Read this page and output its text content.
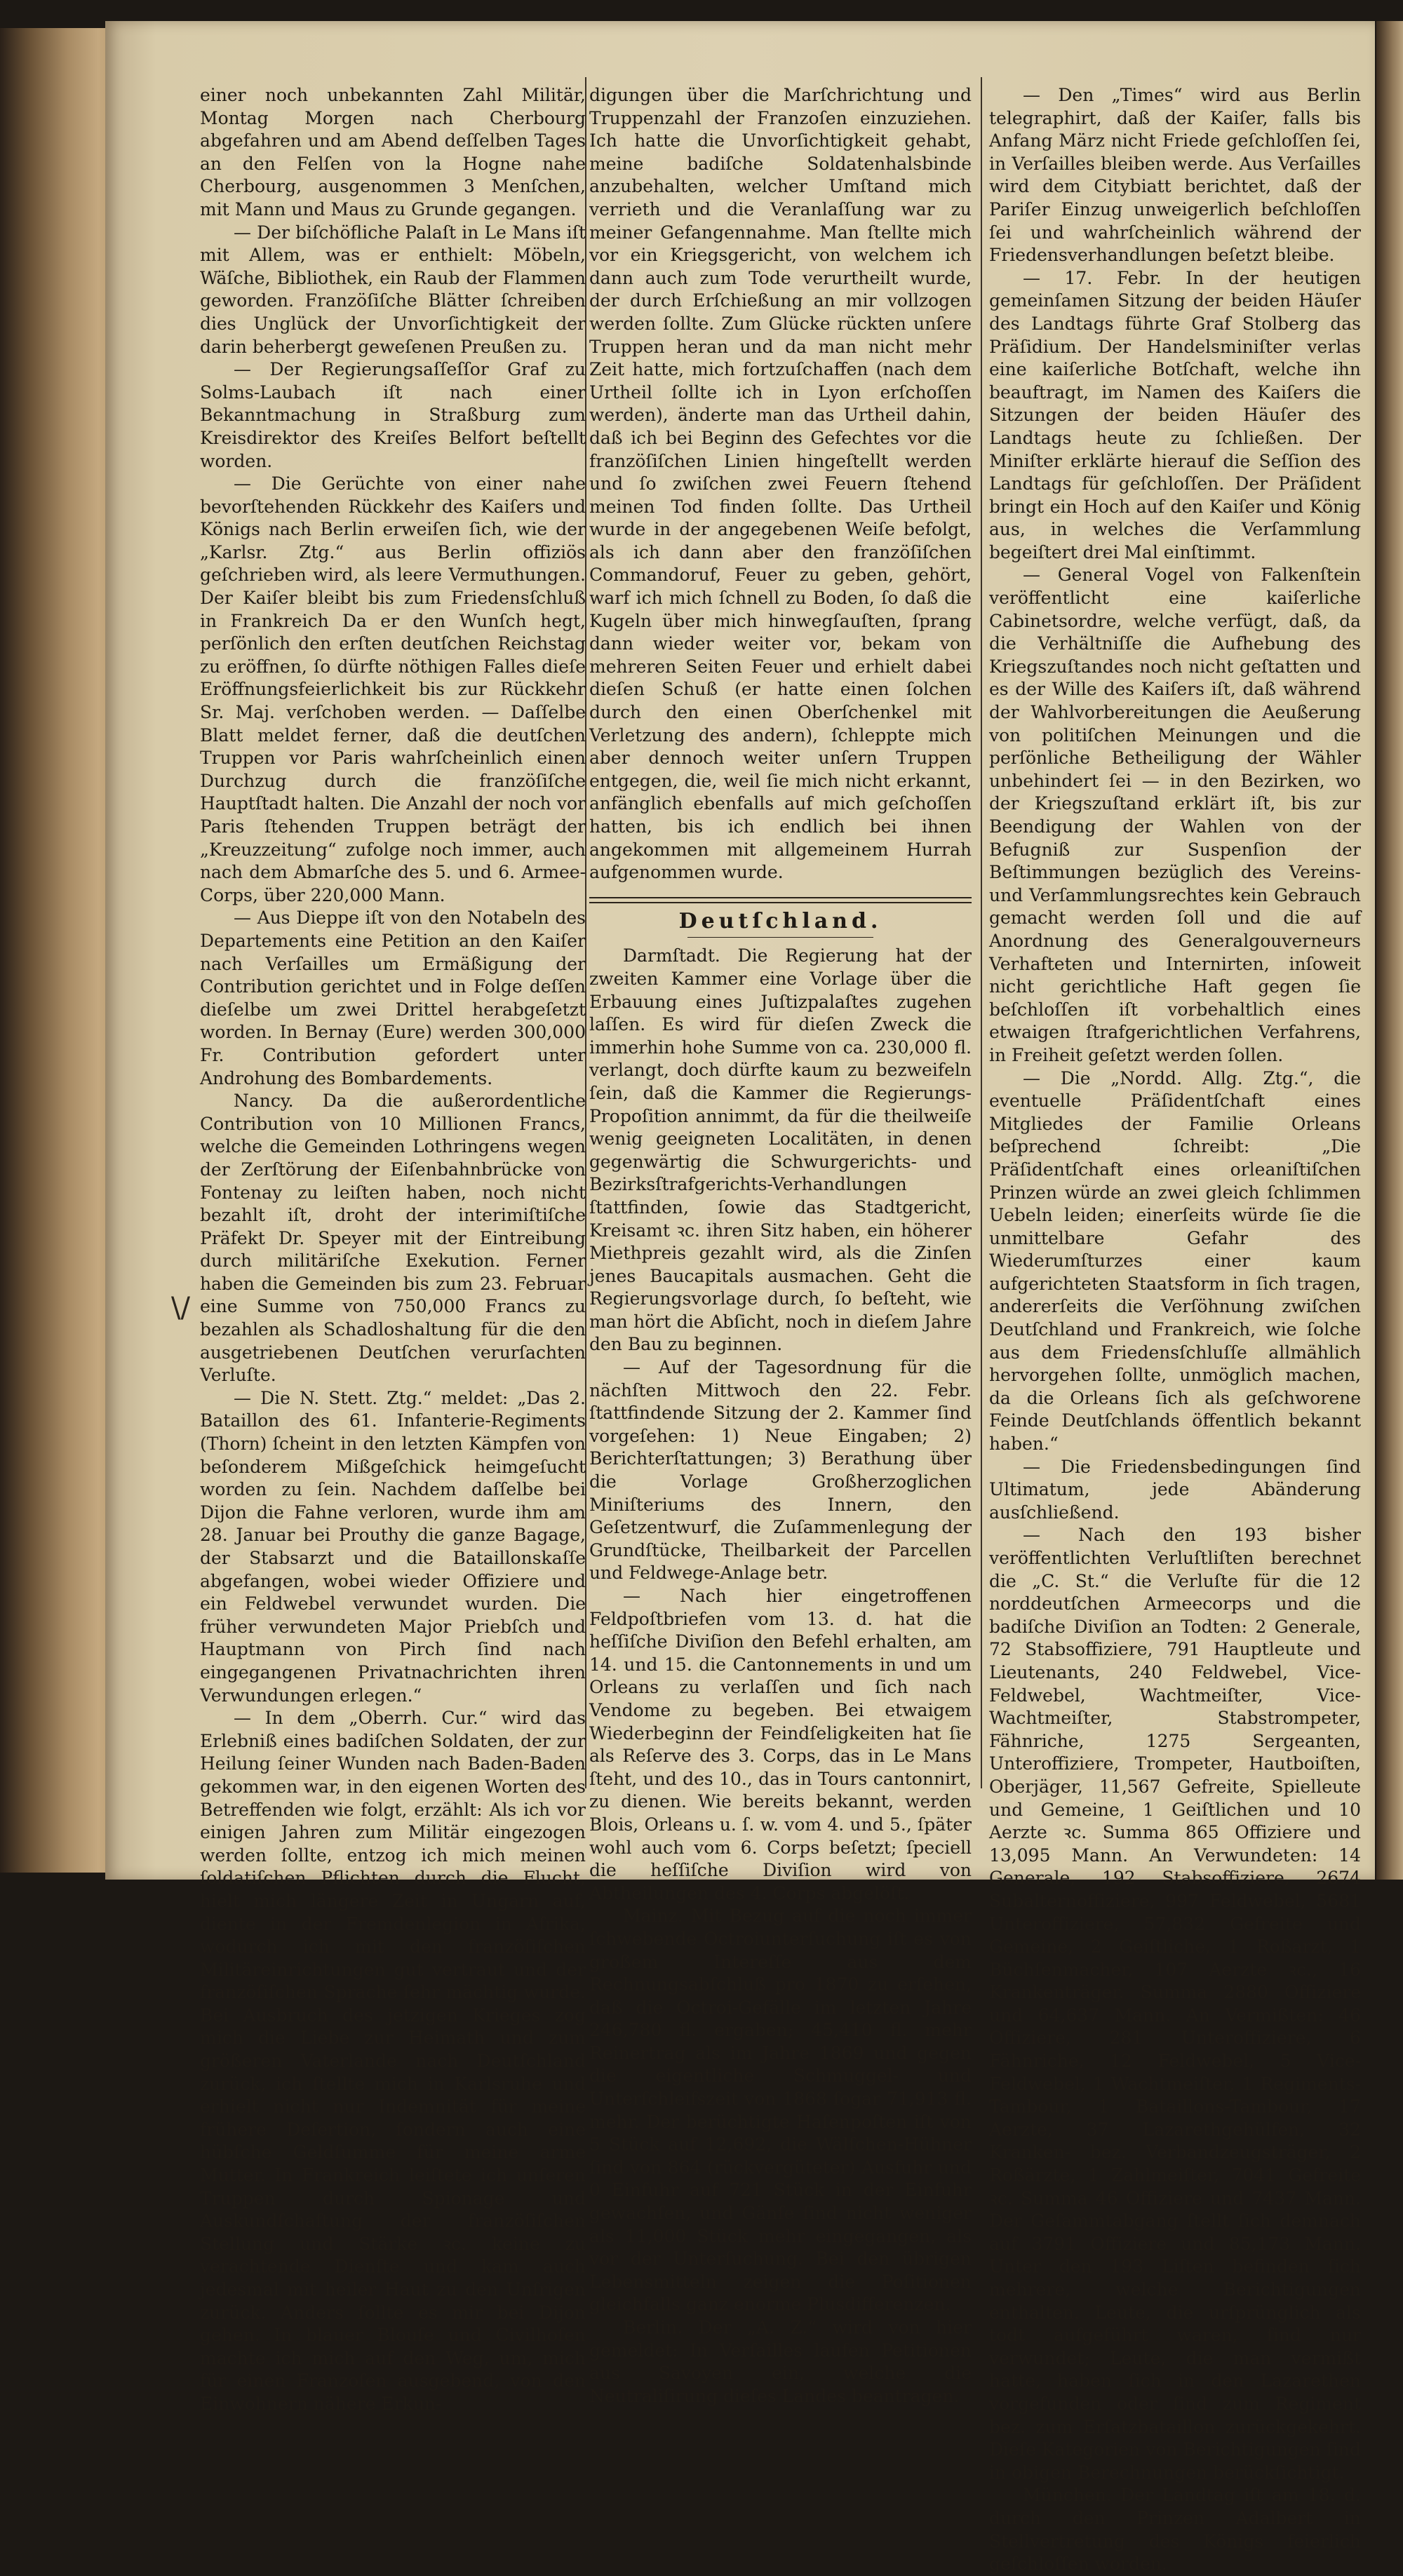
\/

einer noch unbekannten Zahl Militär, Montag Morgen nach Cherbourg abgefahren und am Abend deſſelben Tages an den Felſen von la Hogne nahe Cherbourg, ausgenommen 3 Menſchen, mit Mann und Maus zu Grunde gegangen.

— Der biſchöfliche Palaſt in Le Mans iſt mit Allem, was er enthielt: Möbeln, Wäſche, Bibliothek, ein Raub der Flammen geworden. Franzöſiſche Blätter ſchreiben dies Unglück der Unvorſichtigkeit der darin beherbergt geweſenen Preußen zu.

— Der Regierungsaſſeſſor Graf zu Solms-Laubach iſt nach einer Bekanntmachung in Straßburg zum Kreisdirektor des Kreiſes Belfort beſtellt worden.

— Die Gerüchte von einer nahe bevorſtehenden Rückkehr des Kaiſers und Königs nach Berlin erweiſen ſich, wie der „Karlsr. Ztg.“ aus Berlin offiziös geſchrieben wird, als leere Vermuthungen. Der Kaiſer bleibt bis zum Friedensſchluß in Frankreich Da er den Wunſch hegt, perſönlich den erſten deutſchen Reichstag zu eröffnen, ſo dürfte nöthigen Falles dieſe Eröffnungsfeierlichkeit bis zur Rückkehr Sr. Maj. verſchoben werden. — Daſſelbe Blatt meldet ferner, daß die deutſchen Truppen vor Paris wahrſcheinlich einen Durchzug durch die franzöſiſche Hauptſtadt halten. Die Anzahl der noch vor Paris ſtehenden Truppen beträgt der „Kreuzzeitung“ zufolge noch immer, auch nach dem Abmarſche des 5. und 6. Armee-Corps, über 220,000 Mann.

— Aus Dieppe iſt von den Notabeln des Departements eine Petition an den Kaiſer nach Verſailles um Ermäßigung der Contribution gerichtet und in Folge deſſen dieſelbe um zwei Drittel herabgeſetzt worden. In Bernay (Eure) werden 300,000 Fr. Contribution gefordert unter Androhung des Bombardements.

Nancy. Da die außerordentliche Contribution von 10 Millionen Francs, welche die Gemeinden Lothringens wegen der Zerſtörung der Eiſenbahnbrücke von Fontenay zu leiſten haben, noch nicht bezahlt iſt, droht der interimiſtiſche Präfekt Dr. Speyer mit der Eintreibung durch militäriſche Exekution. Ferner haben die Gemeinden bis zum 23. Februar eine Summe von 750,000 Francs zu bezahlen als Schadloshaltung für die den ausgetriebenen Deutſchen verurſachten Verluſte.

— Die N. Stett. Ztg.“ meldet: „Das 2. Bataillon des 61. Infanterie-Regiments (Thorn) ſcheint in den letzten Kämpfen von beſonderem Mißgeſchick heimgeſucht worden zu ſein. Nachdem daſſelbe bei Dijon die Fahne verloren, wurde ihm am 28. Januar bei Prouthy die ganze Bagage, der Stabsarzt und die Bataillonskaſſe abgefangen, wobei wieder Offiziere und ein Feldwebel verwundet wurden. Die früher verwundeten Major Priebſch und Hauptmann von Pirch ſind nach eingegangenen Privatnachrichten ihren Verwundungen erlegen.“

— In dem „Oberrh. Cur.“ wird das Erlebniß eines badiſchen Soldaten, der zur Heilung ſeiner Wunden nach Baden-Baden gekommen war, in den eigenen Worten des Betreffenden wie folgt, erzählt: Als ich vor einigen Jahren zum Militär eingezogen werden ſollte, entzog ich mich meinen ſoldatiſchen Pflichten durch die Flucht, hielt mich längere Zeit in Ungarn auf, diente in der Fremdenlegion in Afrika, wodurch ich mit den franzöſiſchen Militäreinrichtungen gut vertraut und der franzöſiſchen Sprache ſehr mächtig wurde. Bei Ausbruch des jetzigen Krieges zog mich die Liebe zur Heimath und zum größeren Vaterlande nach Deutſchland zurück, ich ſtellte mich in Karlsruhe und erhielt nicht nur Indemnität für meine frühere Deſertion, ſondern auch eine hübſche Geldſumme für meine arme Mutter. In Frankreich leiſtete ich unſeren Truppen durch Spionage und Auskundſchaftung der franzöſiſchen Stellung und Stärke ꝛc. keine zu verachtende Dienſte und kam auch jedesmal mit heiler Haut zu den Unſrigen zurück. Anders ſollte es mir bei Dijon gehen. In blauer Blouſe und Civilhoſen machte ich mich auf den Weg, um, mich für einen Franzoſen ausgebend, von den Einwohnern nähere Erkun-

digungen über die Marſchrichtung und Truppenzahl der Franzoſen einzuziehen. Ich hatte die Unvorſichtigkeit gehabt, meine badiſche Soldatenhalsbinde anzubehalten, welcher Umſtand mich verrieth und die Veranlaſſung war zu meiner Gefangennahme. Man ſtellte mich vor ein Kriegsgericht, von welchem ich dann auch zum Tode verurtheilt wurde, der durch Erſchießung an mir vollzogen werden ſollte. Zum Glücke rückten unſere Truppen heran und da man nicht mehr Zeit hatte, mich fortzuſchaffen (nach dem Urtheil ſollte ich in Lyon erſchoſſen werden), änderte man das Urtheil dahin, daß ich bei Beginn des Gefechtes vor die franzöſiſchen Linien hingeſtellt werden und ſo zwiſchen zwei Feuern ſtehend meinen Tod finden ſollte. Das Urtheil wurde in der angegebenen Weiſe befolgt, als ich dann aber den franzöſiſchen Commandoruf, Feuer zu geben, gehört, warf ich mich ſchnell zu Boden, ſo daß die Kugeln über mich hinwegſauſten, ſprang dann wieder weiter vor, bekam von mehreren Seiten Feuer und erhielt dabei dieſen Schuß (er hatte einen ſolchen durch den einen Oberſchenkel mit Verletzung des andern), ſchleppte mich aber dennoch weiter unſern Truppen entgegen, die, weil ſie mich nicht erkannt, anfänglich ebenfalls auf mich geſchoſſen hatten, bis ich endlich bei ihnen angekommen mit allgemeinem Hurrah aufgenommen wurde.

Deutſchland.

Darmſtadt. Die Regierung hat der zweiten Kammer eine Vorlage über die Erbauung eines Juſtizpalaſtes zugehen laſſen. Es wird für dieſen Zweck die immerhin hohe Summe von ca. 230,000 fl. verlangt, doch dürfte kaum zu bezweifeln ſein, daß die Kammer die Regierungs-Propoſition annimmt, da für die theilweiſe wenig geeigneten Localitäten, in denen gegenwärtig die Schwurgerichts- und Bezirksſtrafgerichts-Verhandlungen ſtattfinden, ſowie das Stadtgericht, Kreisamt ꝛc. ihren Sitz haben, ein höherer Miethpreis gezahlt wird, als die Zinſen jenes Baucapitals ausmachen. Geht die Regierungsvorlage durch, ſo beſteht, wie man hört die Abſicht, noch in dieſem Jahre den Bau zu beginnen.

— Auf der Tagesordnung für die nächſten Mittwoch den 22. Febr. ſtattfindende Sitzung der 2. Kammer ſind vorgeſehen: 1) Neue Eingaben; 2) Berichterſtattungen; 3) Berathung über die Vorlage Großherzoglichen Miniſteriums des Innern, den Geſetzentwurf, die Zuſammenlegung der Grundſtücke, Theilbarkeit der Parcellen und Feldwege-Anlage betr.

— Nach hier eingetroffenen Feldpoſtbriefen vom 13. d. hat die heſſiſche Diviſion den Befehl erhalten, am 14. und 15. die Cantonnements in und um Orleans zu verlaſſen und ſich nach Vendome zu begeben. Bei etwaigem Wiederbeginn der Feindſeligkeiten hat ſie als Reſerve des 3. Corps, das in Le Mans ſteht, und des 10., das in Tours cantonnirt, zu dienen. Wie bereits bekannt, werden Blois, Orleans u. ſ. w. vom 4. und 5., ſpäter wohl auch vom 6. Corps beſetzt; ſpeciell die heſſiſche Diviſion wird von Abtheilungen des 4. Corps abgelöſt.

Mainz. Mit Bezug auf die noch immer ſchwebende Octroiunterſuchung iſt es von großem Intereſſe aus dem Rechnungsabſchluß pro 1870 zu erſehen, daß die Octroi-Gefälle im letzten Jahre 246,780 fl. ergaben; 45,410 fl. mehr Reinertrag als im Jahre 1869 und gegen die eigentliche Schmuggel- und Unterſchleifszeit von 1868 ſogar 71,913 fl. mehr. Der berüchtigte Haſenpoſten iſt von 5 Stück auf 12,692, die Wälſchen-Hühner ſind von 864 (rückvergüteter) Ausfuhr und 0 Einfuhr auf 721 Stück in der Einfuhr gewachſen, und Gänſe ſind nicht weniger als 11,000 Stück mehr eingegangen, als vor der Unterſuchung. Bei den übrigen Lebensmitteln zeigen die Poſitionen gleichfalls ganz enorme Plusdifferenzen.

Berlin. Der „A. Z.“ wird von hier gemeldet: In Verſailles laufen Petitionen aus Savoyen ein, welche die Neutraliſirung dieſes Landes beantragen.

— Den „Times“ wird aus Berlin telegraphirt, daß der Kaiſer, falls bis Anfang März nicht Friede geſchloſſen ſei, in Verſailles bleiben werde. Aus Verſailles wird dem Citybiatt berichtet, daß der Pariſer Einzug unweigerlich beſchloſſen ſei und wahrſcheinlich während der Friedensverhandlungen beſetzt bleibe.

— 17. Febr. In der heutigen gemeinſamen Sitzung der beiden Häuſer des Landtags führte Graf Stolberg das Präſidium. Der Handelsminiſter verlas eine kaiſerliche Botſchaft, welche ihn beauftragt, im Namen des Kaiſers die Sitzungen der beiden Häuſer des Landtags heute zu ſchließen. Der Miniſter erklärte hierauf die Seſſion des Landtags für geſchloſſen. Der Präſident bringt ein Hoch auf den Kaiſer und König aus, in welches die Verſammlung begeiſtert drei Mal einſtimmt.

— General Vogel von Falkenſtein veröffentlicht eine kaiſerliche Cabinetsordre, welche verfügt, daß, da die Verhältniſſe die Aufhebung des Kriegszuſtandes noch nicht geſtatten und es der Wille des Kaiſers iſt, daß während der Wahlvorbereitungen die Aeußerung von politiſchen Meinungen und die perſönliche Betheiligung der Wähler unbehindert ſei — in den Bezirken, wo der Kriegszuſtand erklärt iſt, bis zur Beendigung der Wahlen von der Befugniß zur Suspenſion der Beſtimmungen bezüglich des Vereins- und Verſammlungsrechtes kein Gebrauch gemacht werden ſoll und die auf Anordnung des Generalgouverneurs Verhafteten und Internirten, inſoweit nicht gerichtliche Haft gegen ſie beſchloſſen iſt vorbehaltlich eines etwaigen ſtrafgerichtlichen Verfahrens, in Freiheit geſetzt werden ſollen.

— Die „Nordd. Allg. Ztg.“, die eventuelle Präſidentſchaft eines Mitgliedes der Familie Orleans beſprechend ſchreibt: „Die Präſidentſchaft eines orleaniſtiſchen Prinzen würde an zwei gleich ſchlimmen Uebeln leiden; einerſeits würde ſie die unmittelbare Gefahr des Wiederumſturzes einer kaum aufgerichteten Staatsform in ſich tragen, andererſeits die Verſöhnung zwiſchen Deutſchland und Frankreich, wie ſolche aus dem Friedensſchluſſe allmählich hervorgehen ſollte, unmöglich machen, da die Orleans ſich als geſchworene Feinde Deutſchlands öffentlich bekannt haben.“

— Die Friedensbedingungen ſind Ultimatum, jede Abänderung ausſchließend.

— Nach den 193 bisher veröffentlichten Verluſtliſten berechnet die „C. St.“ die Verluſte für die 12 norddeutſchen Armeecorps und die badiſche Diviſion an Todten: 2 Generale, 72 Stabsoffiziere, 791 Hauptleute und Lieutenants, 240 Feldwebel, Vice-Feldwebel, Wachtmeiſter, Vice-Wachtmeiſter, Stabstrompeter, Fähnriche, 1275 Sergeanten, Unteroffiziere, Trompeter, Hautboiſten, Oberjäger, 11,567 Gefreite, Spielleute und Gemeine, 1 Geiſtlichen und 10 Aerzte ꝛc. Summa 865 Offiziere und 13,095 Mann. An Verwundeten: 14 Generale, 192 Stabsoffiziere, 2674 Subalternoffiziere, 997 Feldwebel, 5681 Unteroffiziere, 57,832 Gefreite und Gemeine, 2 Geiſtliche, 1 Roßarzt, 1 Büchſenmacher, 107 Aerzte ꝛc., 16 Krankenträger. Summa 2880 Offiziere und 64,637 Mann. An Vermißten: 46 Offiziere, 281 Unteroffiziere, 6 Fähnriche, 12 Feldwebel, 5 Vice-Feldwebel, 1 Wachtmeiſter, 1 Regiments-Tambour, 1 Bataillons-Tambour, 17 Aerzte, 37 Lazarethgehülfen, 32 Kranken- bez. Verbandzeugsträger, 2 Roßärzte, 1 Zahlmeiſter, 7041 Gefreite ꝛc. Summa 46 Offiziere und 7437 Mann. Der Geſammtabgang ſtellt ſich demnach auf 3791 Offiziere und 85,173 Mann. Unter den 193 Liſten befinden ſich mehrere, welche Berichtigungen enthalten. Leute, die urſprünglich als todt aufgeführt waren, ſind nur verwundet; Leute, die man vermißt hatte, haben ſich in den Lazarethen vorgefunden oder ſind zum Regiment bez. zum Erſatzbataillon zurückgekehrt. Dieſe Kategorien von Berichtigungen ſind in obigen Berechnungen berückſichtigt.

München. Der Landtag iſt am 18. d. durch den Prinzen Adalbert in Stellvertretung des Königs feierlich geſchloſſen worden.
